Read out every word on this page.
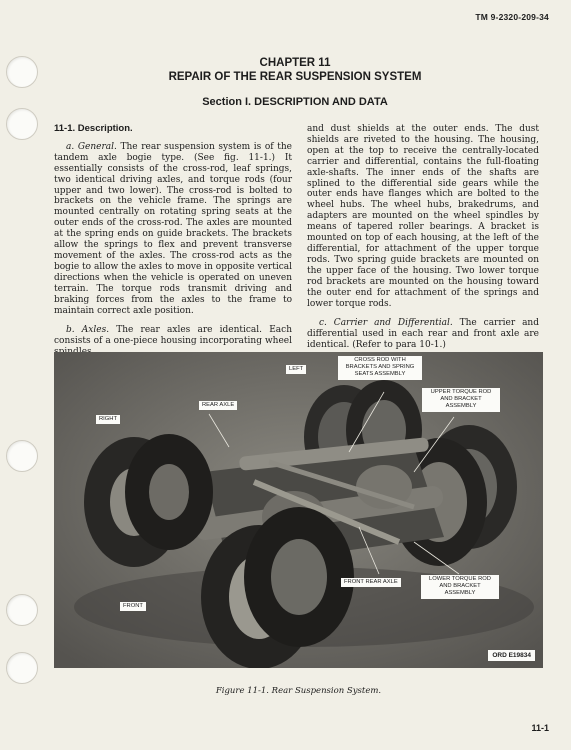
TM 9-2320-209-34
CHAPTER 11
REPAIR OF THE REAR SUSPENSION SYSTEM
Section I. DESCRIPTION AND DATA
11-1. Description.

a. General. The rear suspension system is of the tandem axle bogie type. (See fig. 11-1.) It essentially consists of the cross-rod, leaf springs, two identical driving axles, and torque rods (four upper and two lower). The cross-rod is bolted to brackets on the vehicle frame. The springs are mounted centrally on rotating spring seats at the outer ends of the cross-rod. The axles are mounted at the spring ends on guide brackets. The brackets allow the springs to flex and prevent transverse movement of the axles. The cross-rod acts as the bogie to allow the axles to move in opposite vertical directions when the vehicle is operated on uneven terrain. The torque rods transmit driving and braking forces from the axles to the frame to maintain correct axle position.

b. Axles. The rear axles are identical. Each consists of a one-piece housing incorporating wheel

and dust shields at the outer ends. The dust shields are riveted to the housing. The housing, open at the top to receive the centrally-located carrier and differential, contains the full-floating axle-shafts. The inner ends of the shafts are splined to the differential side gears while the outer ends have flanges which are bolted to the wheel hubs. The wheel hubs, brakedrums, and adapters are mounted on the wheel spindles by means of tapered roller bearings. A bracket is mounted on top of each housing, at the left of the differential, for attachment of the upper torque rods. Two spring guide brackets are mounted on the upper face of the housing. Two lower torque rod brackets are mounted on the housing toward the outer end for attachment of the springs and lower torque rods.

c. Carrier and Differential. The carrier and differential used in each rear and front axle are identical. (Refer to para 10-1.)

LEFT
RIGHT
REAR AXLE
CROSS ROD WITH BRACKETS AND SPRING SEATS ASSEMBLY
UPPER TORQUE ROD AND BRACKET ASSEMBLY
FRONT REAR AXLE	LOWER TORQUE ROD AND BRACKET ASSEMBLY
FRONT
ORD E19834
Figure 11-1. Rear Suspension System.
11-1
